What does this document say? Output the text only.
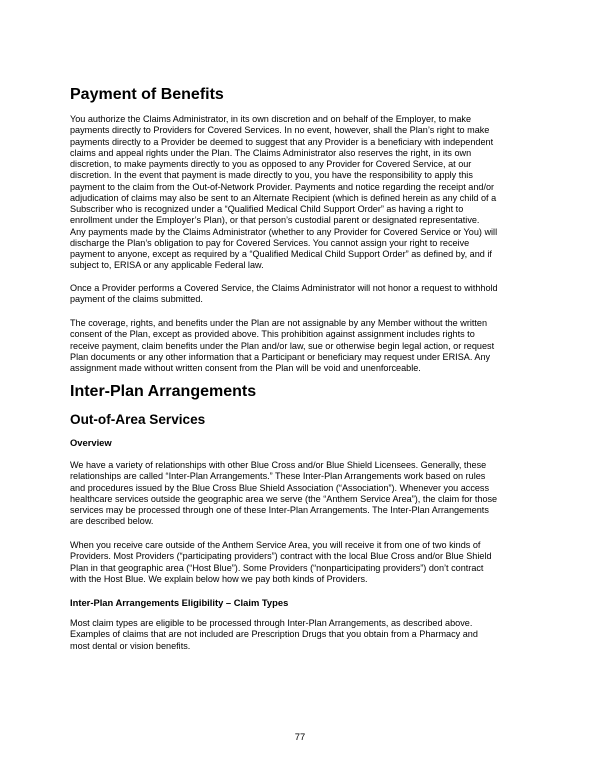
Payment of Benefits
You authorize the Claims Administrator, in its own discretion and on behalf of the Employer, to make
payments directly to Providers for Covered Services. In no event, however, shall the Plan’s right to make
payments directly to a Provider be deemed to suggest that any Provider is a beneficiary with independent
claims and appeal rights under the Plan. The Claims Administrator also reserves the right, in its own
discretion, to make payments directly to you as opposed to any Provider for Covered Service, at our
discretion. In the event that payment is made directly to you, you have the responsibility to apply this
payment to the claim from the Out-of-Network Provider. Payments and notice regarding the receipt and/or
adjudication of claims may also be sent to an Alternate Recipient (which is defined herein as any child of a
Subscriber who is recognized under a “Qualified Medical Child Support Order” as having a right to
enrollment under the Employer’s Plan), or that person’s custodial parent or designated representative.
Any payments made by the Claims Administrator (whether to any Provider for Covered Service or You) will
discharge the Plan’s obligation to pay for Covered Services. You cannot assign your right to receive
payment to anyone, except as required by a “Qualified Medical Child Support Order” as defined by, and if
subject to, ERISA or any applicable Federal law.
Once a Provider performs a Covered Service, the Claims Administrator will not honor a request to withhold
payment of the claims submitted.
The coverage, rights, and benefits under the Plan are not assignable by any Member without the written
consent of the Plan, except as provided above. This prohibition against assignment includes rights to
receive payment, claim benefits under the Plan and/or law, sue or otherwise begin legal action, or request
Plan documents or any other information that a Participant or beneficiary may request under ERISA. Any
assignment made without written consent from the Plan will be void and unenforceable.
Inter-Plan Arrangements
Out-of-Area Services
Overview
We have a variety of relationships with other Blue Cross and/or Blue Shield Licensees. Generally, these
relationships are called “Inter-Plan Arrangements.” These Inter-Plan Arrangements work based on rules
and procedures issued by the Blue Cross Blue Shield Association (“Association”). Whenever you access
healthcare services outside the geographic area we serve (the “Anthem Service Area”), the claim for those
services may be processed through one of these Inter-Plan Arrangements. The Inter-Plan Arrangements
are described below.
When you receive care outside of the Anthem Service Area, you will receive it from one of two kinds of
Providers. Most Providers (“participating providers”) contract with the local Blue Cross and/or Blue Shield
Plan in that geographic area (“Host Blue”). Some Providers (“nonparticipating providers”) don’t contract
with the Host Blue. We explain below how we pay both kinds of Providers.
Inter-Plan Arrangements Eligibility – Claim Types
Most claim types are eligible to be processed through Inter-Plan Arrangements, as described above.
Examples of claims that are not included are Prescription Drugs that you obtain from a Pharmacy and
most dental or vision benefits.
77
